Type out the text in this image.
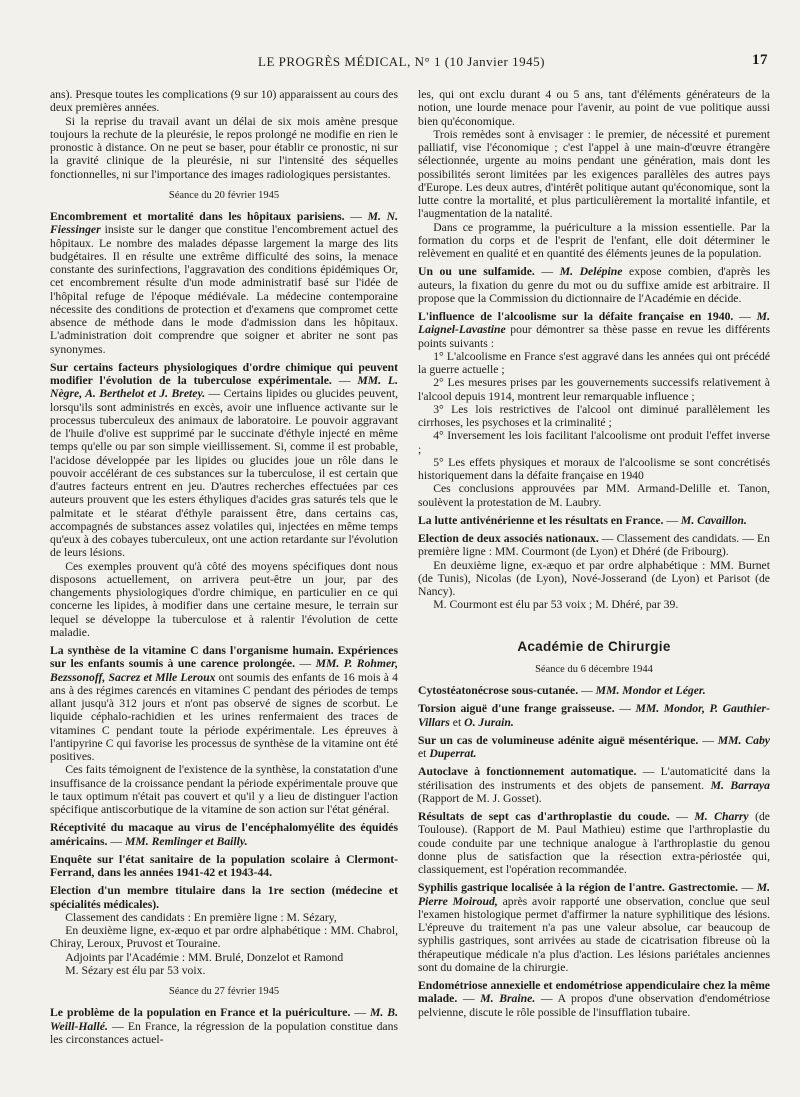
LE PROGRÈS MÉDICAL, N° 1 (10 Janvier 1945)	17

ans). Presque toutes les complications (9 sur 10) apparaissent au cours des deux premières années.

Si la reprise du travail avant un délai de six mois amène presque toujours la rechute de la pleurésie, le repos prolongé ne modifie en rien le pronostic à distance. On ne peut se baser, pour établir ce pronostic, ni sur la gravité clinique de la pleurésie, ni sur l'intensité des séquelles fonctionnelles, ni sur l'importance des images radiologiques persistantes.

Séance du 20 février 1945

Encombrement et mortalité dans les hôpitaux parisiens. — M. N. Fiessinger insiste sur le danger que constitue l'encombrement actuel des hôpitaux. Le nombre des malades dépasse largement la marge des lits budgétaires. Il en résulte une extrême difficulté des soins, la menace constante des surinfections, l'aggravation des conditions épidémiques Or, cet encombrement résulte d'un mode administratif basé sur l'idée de l'hôpital refuge de l'époque médiévale. La médecine contemporaine nécessite des conditions de protection et d'examens que compromet cette absence de méthode dans le mode d'admission dans les hôpitaux. L'administration doit comprendre que soigner et abriter ne sont pas synonymes.

Sur certains facteurs physiologiques d'ordre chimique qui peuvent modifier l'évolution de la tuberculose expérimentale. — MM. L. Nègre, A. Berthelot et J. Bretey. — Certains lipides ou glucides peuvent, lorsqu'ils sont administrés en excès, avoir une influence activante sur le processus tuberculeux des animaux de laboratoire. Le pouvoir aggravant de l'huile d'olive est supprimé par le succinate d'éthyle injecté en même temps qu'elle ou par son simple vieillissement. Si, comme il est probable, l'acidose développée par les lipides ou glucides joue un rôle dans le pouvoir accélérant de ces substances sur la tuberculose, il est certain que d'autres facteurs entrent en jeu. D'autres recherches effectuées par ces auteurs prouvent que les esters éthyliques d'acides gras saturés tels que le palmitate et le stéarat d'éthyle paraissent être, dans certains cas, accompagnés de substances assez volatiles qui, injectées en même temps qu'eux à des cobayes tuberculeux, ont une action retardante sur l'évolution de leurs lésions.

Ces exemples prouvent qu'à côté des moyens spécifiques dont nous disposons actuellement, on arrivera peut-être un jour, par des changements physiologiques d'ordre chimique, en particulier en ce qui concerne les lipides, à modifier dans une certaine mesure, le terrain sur lequel se développe la tuberculose et à ralentir l'évolution de cette maladie.

La synthèse de la vitamine C dans l'organisme humain. Expériences sur les enfants soumis à une carence prolongée. — MM. P. Rohmer, Bezssonoff, Sacrez et Mlle Leroux ont soumis des enfants de 16 mois à 4 ans à des régimes carencés en vitamines C pendant des périodes de temps allant jusqu'à 312 jours et n'ont pas observé de signes de scorbut. Le liquide céphalo-rachidien et les urines renfermaient des traces de vitamines C pendant toute la période expérimentale. Les épreuves à l'antipyrine C qui favorise les processus de synthèse de la vitamine ont été positives.

Ces faits témoignent de l'existence de la synthèse, la constatation d'une insuffisance de la croissance pendant la période expérimentale prouve que le taux optimum n'était pas couvert et qu'il y a lieu de distinguer l'action spécifique antiscorbutique de la vitamine de son action sur l'état général.

Réceptivité du macaque au virus de l'encéphalomyélite des équidés américains. — MM. Remlinger et Bailly.

Enquête sur l'état sanitaire de la population scolaire à Clermont-Ferrand, dans les années 1941-42 et 1943-44.

Election d'un membre titulaire dans la 1re section (médecine et spécialités médicales).

Classement des candidats : En première ligne : M. Sézary,

En deuxième ligne, ex-æquo et par ordre alphabétique : MM. Chabrol, Chiray, Leroux, Pruvost et Touraine.

Adjoints par l'Académie : MM. Brulé, Donzelot et Ramond

M. Sézary est élu par 53 voix.

Séance du 27 février 1945

Le problème de la population en France et la puériculture. — M. B. Weill-Hallé. — En France, la régression de la population constitue dans les circonstances actuel-

les, qui ont exclu durant 4 ou 5 ans, tant d'éléments générateurs de la notion, une lourde menace pour l'avenir, au point de vue politique aussi bien qu'économique.

Trois remèdes sont à envisager : le premier, de nécessité et purement palliatif, vise l'économique ; c'est l'appel à une main-d'œuvre étrangère sélectionnée, urgente au moins pendant une génération, mais dont les possibilités seront limitées par les exigences parallèles des autres pays d'Europe. Les deux autres, d'intérêt politique autant qu'économique, sont la lutte contre la mortalité, et plus particulièrement la mortalité infantile, et l'augmentation de la natalité.

Dans ce programme, la puériculture a la mission essentielle. Par la formation du corps et de l'esprit de l'enfant, elle doit déterminer le relèvement en qualité et en quantité des éléments jeunes de la population.

Un ou une sulfamide. — M. Delépine expose combien, d'après les auteurs, la fixation du genre du mot ou du suffixe amide est arbitraire. Il propose que la Commission du dictionnaire de l'Académie en décide.

L'influence de l'alcoolisme sur la défaite française en 1940. — M. Laignel-Lavastine pour démontrer sa thèse passe en revue les différents points suivants :

1° L'alcoolisme en France s'est aggravé dans les années qui ont précédé la guerre actuelle ;

2° Les mesures prises par les gouvernements successifs relativement à l'alcool depuis 1914, montrent leur remarquable influence ;

3° Les lois restrictives de l'alcool ont diminué parallèlement les cirrhoses, les psychoses et la criminalité ;

4° Inversement les lois facilitant l'alcoolisme ont produit l'effet inverse ;

5° Les effets physiques et moraux de l'alcoolisme se sont concrétisés historiquement dans la défaite française en 1940

Ces conclusions approuvées par MM. Armand-Delille et. Tanon, soulèvent la protestation de M. Laubry.

La lutte antivénérienne et les résultats en France. — M. Cavaillon.

Election de deux associés nationaux. — Classement des candidats. — En première ligne : MM. Courmont (de Lyon) et Dhéré (de Fribourg).

En deuxième ligne, ex-æquo et par ordre alphabétique : MM. Burnet (de Tunis), Nicolas (de Lyon), Nové-Josserand (de Lyon) et Parisot (de Nancy).

M. Courmont est élu par 53 voix ; M. Dhéré, par 39.

Académie de Chirurgie

Séance du 6 décembre 1944

Cytostéatonécrose sous-cutanée. — MM. Mondor et Léger.

Torsion aiguë d'une frange graisseuse. — MM. Mondor, P. Gauthier-Villars et O. Jurain.

Sur un cas de volumineuse adénite aiguë mésentérique. — MM. Caby et Duperrat.

Autoclave à fonctionnement automatique. — L'automaticité dans la stérilisation des instruments et des objets de pansement. M. Barraya (Rapport de M. J. Gosset).

Résultats de sept cas d'arthroplastie du coude. — M. Charry (de Toulouse). (Rapport de M. Paul Mathieu) estime que l'arthroplastie du coude conduite par une technique analogue à l'arthroplastie du genou donne plus de satisfaction que la résection extra-périostée qui, classiquement, est l'opération recommandée.

Syphilis gastrique localisée à la région de l'antre. Gastrectomie. — M. Pierre Moiroud, après avoir rapporté une observation, conclue que seul l'examen histologique permet d'affirmer la nature syphilitique des lésions. L'épreuve du traitement n'a pas une valeur absolue, car beaucoup de syphilis gastriques, sont arrivées au stade de cicatrisation fibreuse où la thérapeutique médicale n'a plus d'action. Les lésions pariétales anciennes sont du domaine de la chirurgie.

Endométriose annexielle et endométriose appendiculaire chez la même malade. — M. Braine. — A propos d'une observation d'endométriose pelvienne, discute le rôle possible de l'insufflation tubaire.
